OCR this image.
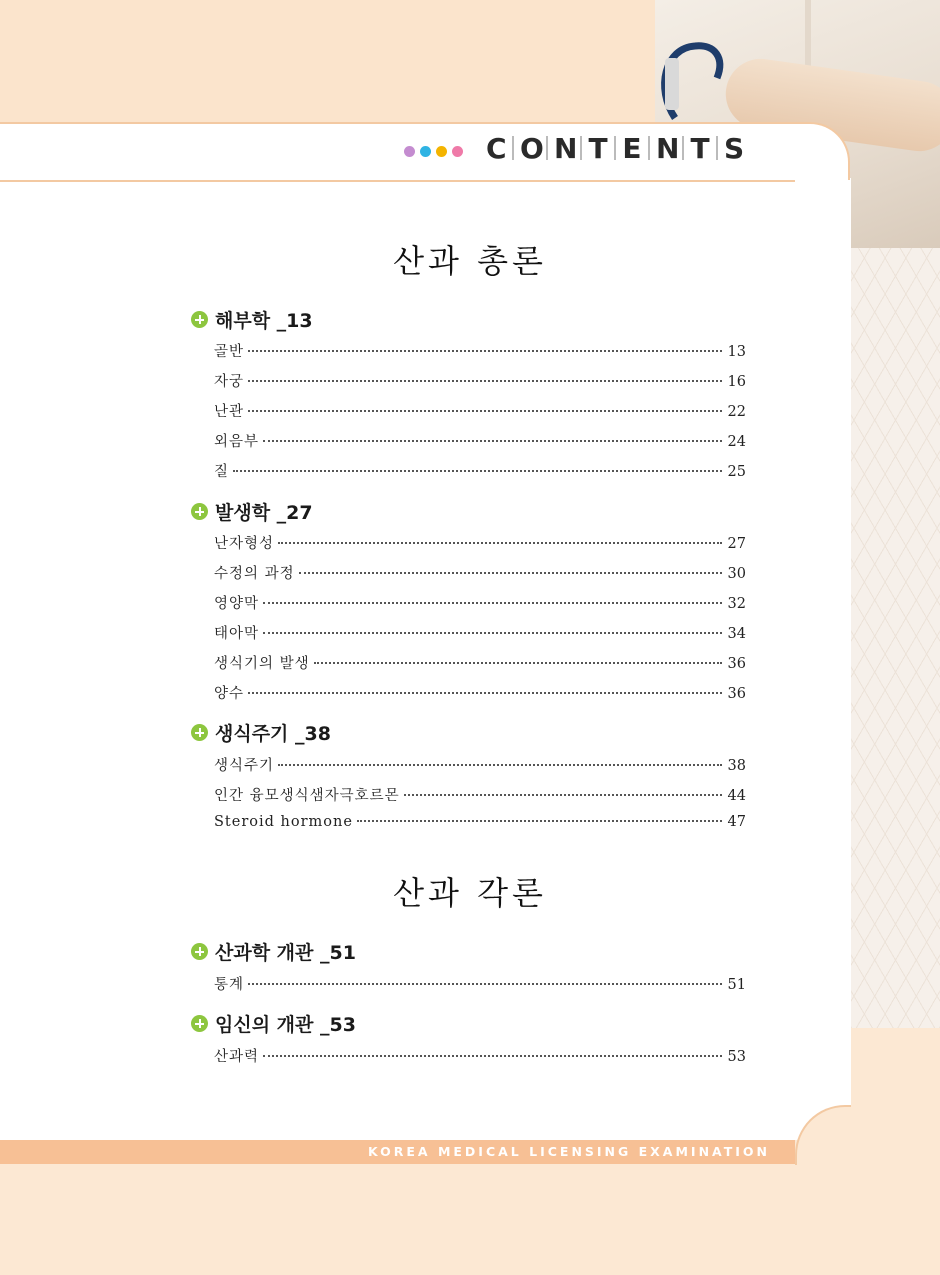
C O N T E N T S
산과 총론
해부학 _13
골반	13
자궁	16
난관	22
외음부	24
질	25
발생학 _27
난자형성	27
수정의 과정	30
영양막	32
태아막	34
생식기의 발생	36
양수	36
생식주기 _38
생식주기	38
인간 융모생식샘자극호르몬	44
Steroid hormone	47
산과 각론
산과학 개관 _51
통계	51
임신의 개관 _53
산과력	53
KOREA MEDICAL LICENSING EXAMINATION
